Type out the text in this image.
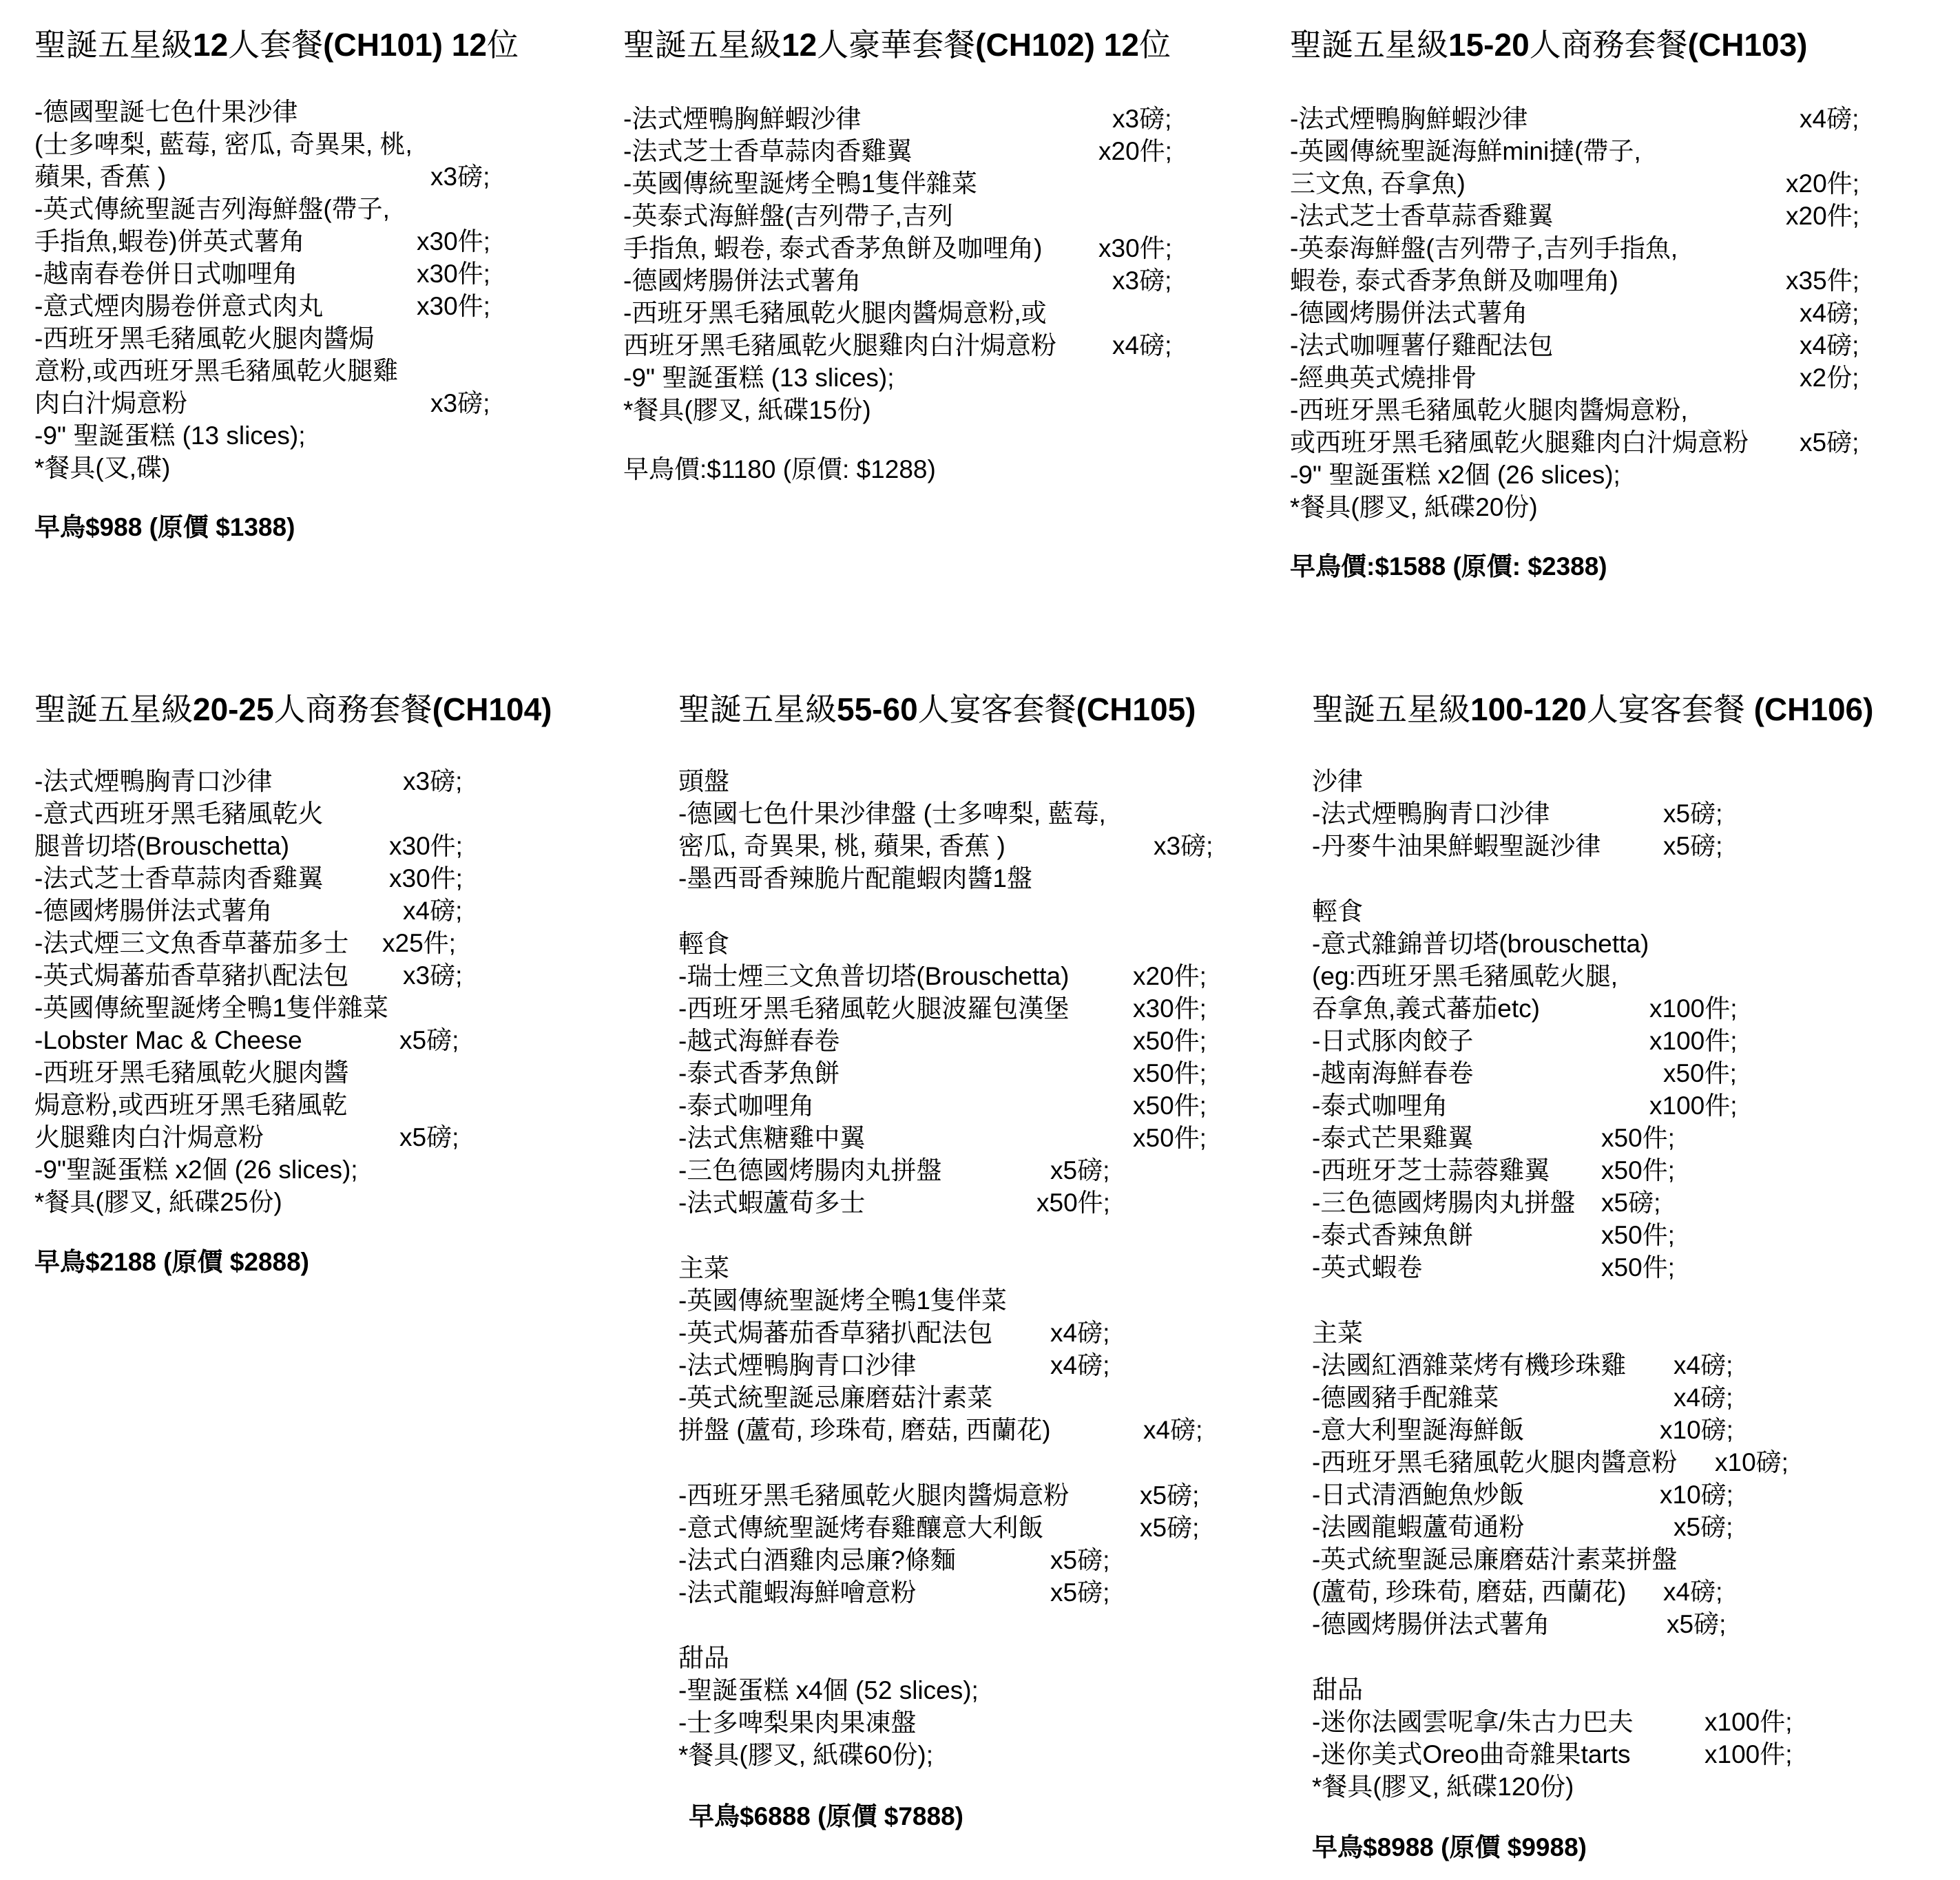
聖誕五星級12人套餐(CH101) 12位
-德國聖誕七色什果沙律
(士多啤梨, 藍莓, 密瓜, 奇異果, 桃,
蘋果, 香蕉 )	x3磅;
-英式傳統聖誕吉列海鮮盤(帶子,
手指魚,蝦卷)併英式薯角	x30件;
-越南春卷併日式咖哩角	x30件;
-意式煙肉腸卷併意式肉丸	x30件;
-西班牙黑毛豬風乾火腿肉醬焗
意粉,或西班牙黑毛豬風乾火腿雞
肉白汁焗意粉	x3磅;
-9" 聖誕蛋糕 (13 slices);
*餐具(叉,碟)
早鳥$988 (原價 $1388)
聖誕五星級12人豪華套餐(CH102) 12位
-法式煙鴨胸鮮蝦沙律	x3磅;
-法式芝士香草蒜肉香雞翼	x20件;
-英國傳統聖誕烤全鴨1隻伴雜菜
-英泰式海鮮盤(吉列帶子,吉列
手指魚, 蝦卷, 泰式香茅魚餅及咖哩角) x30件;
-德國烤腸併法式薯角	x3磅;
-西班牙黑毛豬風乾火腿肉醬焗意粉,或
西班牙黑毛豬風乾火腿雞肉白汁焗意粉 x4磅;
-9" 聖誕蛋糕 (13 slices);
*餐具(膠叉, 紙碟15份)
早鳥價:$1180 (原價: $1288)
聖誕五星級15-20人商務套餐(CH103)
-法式煙鴨胸鮮蝦沙律	x4磅;
-英國傳統聖誕海鮮mini撻(帶子,
三文魚, 吞拿魚)	x20件;
-法式芝士香草蒜香雞翼	x20件;
-英泰海鮮盤(吉列帶子,吉列手指魚,
蝦卷, 泰式香茅魚餅及咖哩角)	x35件;
-德國烤腸併法式薯角	x4磅;
-法式咖喱薯仔雞配法包	x4磅;
-經典英式燒排骨	x2份;
-西班牙黑毛豬風乾火腿肉醬焗意粉,
或西班牙黑毛豬風乾火腿雞肉白汁焗意粉 x5磅;
-9" 聖誕蛋糕 x2個 (26 slices);
*餐具(膠叉, 紙碟20份)
早鳥價:$1588 (原價: $2388)
聖誕五星級20-25人商務套餐(CH104)
-法式煙鴨胸青口沙律	x3磅;
-意式西班牙黑毛豬風乾火
腿普切塔(Brouschetta)	x30件;
-法式芝士香草蒜肉香雞翼	x30件;
-德國烤腸併法式薯角	x4磅;
-法式煙三文魚香草蕃茄多士 x25件;
-英式焗蕃茄香草豬扒配法包 x3磅;
-英國傳統聖誕烤全鴨1隻伴雜菜
-Lobster Mac & Cheese	x5磅;
-西班牙黑毛豬風乾火腿肉醬
焗意粉,或西班牙黑毛豬風乾
火腿雞肉白汁焗意粉	x5磅;
-9"聖誕蛋糕 x2個 (26 slices);
*餐具(膠叉, 紙碟25份)
早鳥$2188 (原價 $2888)
聖誕五星級55-60人宴客套餐(CH105)
頭盤
-德國七色什果沙律盤 (士多啤梨, 藍莓,
密瓜, 奇異果, 桃, 蘋果, 香蕉 )	x3磅;
-墨西哥香辣脆片配龍蝦肉醬1盤
輕食
-瑞士煙三文魚普切塔(Brouschetta)	x20件;
-西班牙黑毛豬風乾火腿波羅包漢堡	x30件;
-越式海鮮春卷	x50件;
-泰式香茅魚餅	x50件;
-泰式咖哩角	x50件;
-法式焦糖雞中翼	x50件;
-三色德國烤腸肉丸拼盤	x5磅;
-法式蝦蘆荀多士	x50件;
主菜
-英國傳統聖誕烤全鴨1隻伴菜
-英式焗蕃茄香草豬扒配法包 x4磅;
-法式煙鴨胸青口沙律	x4磅;
-英式統聖誕忌廉磨菇汁素菜
拼盤 (蘆荀, 珍珠荀, 磨菇, 西蘭花)	x4磅;
-西班牙黑毛豬風乾火腿肉醬焗意粉	x5磅;
-意式傳統聖誕烤春雞釀意大利飯	x5磅;
-法式白酒雞肉忌廉?條麵	x5磅;
-法式龍蝦海鮮噲意粉	x5磅;
甜品
-聖誕蛋糕 x4個 (52 slices);
-士多啤梨果肉果凍盤
*餐具(膠叉, 紙碟60份);
早鳥$6888 (原價 $7888)
聖誕五星級100-120人宴客套餐 (CH106)
沙律
-法式煙鴨胸青口沙律	x5磅;
-丹麥牛油果鮮蝦聖誕沙律 x5磅;
輕食
-意式雜錦普切塔(brouschetta)
(eg:西班牙黑毛豬風乾火腿,
吞拿魚,義式蕃茄etc)	x100件;
-日式豚肉餃子	x100件;
-越南海鮮春卷	x50件;
-泰式咖哩角	x100件;
-泰式芒果雞翼	x50件;
-西班牙芝士蒜蓉雞翼 x50件;
-三色德國烤腸肉丸拼盤 x5磅;
-泰式香辣魚餅	x50件;
-英式蝦卷	x50件;
主菜
-法國紅酒雜菜烤有機珍珠雞 x4磅;
-德國豬手配雜菜	x4磅;
-意大利聖誕海鮮飯	x10磅;
-西班牙黑毛豬風乾火腿肉醬意粉 x10磅;
-日式清酒鮑魚炒飯	x10磅;
-法國龍蝦蘆荀通粉	x5磅;
-英式統聖誕忌廉磨菇汁素菜拼盤
(蘆荀, 珍珠荀, 磨菇, 西蘭花) x4磅;
-德國烤腸併法式薯角	x5磅;
甜品
-迷你法國雲呢拿/朱古力巴夫	x100件;
-迷你美式Oreo曲奇雜果tarts	x100件;
*餐具(膠叉, 紙碟120份)
早鳥$8988 (原價 $9988)
